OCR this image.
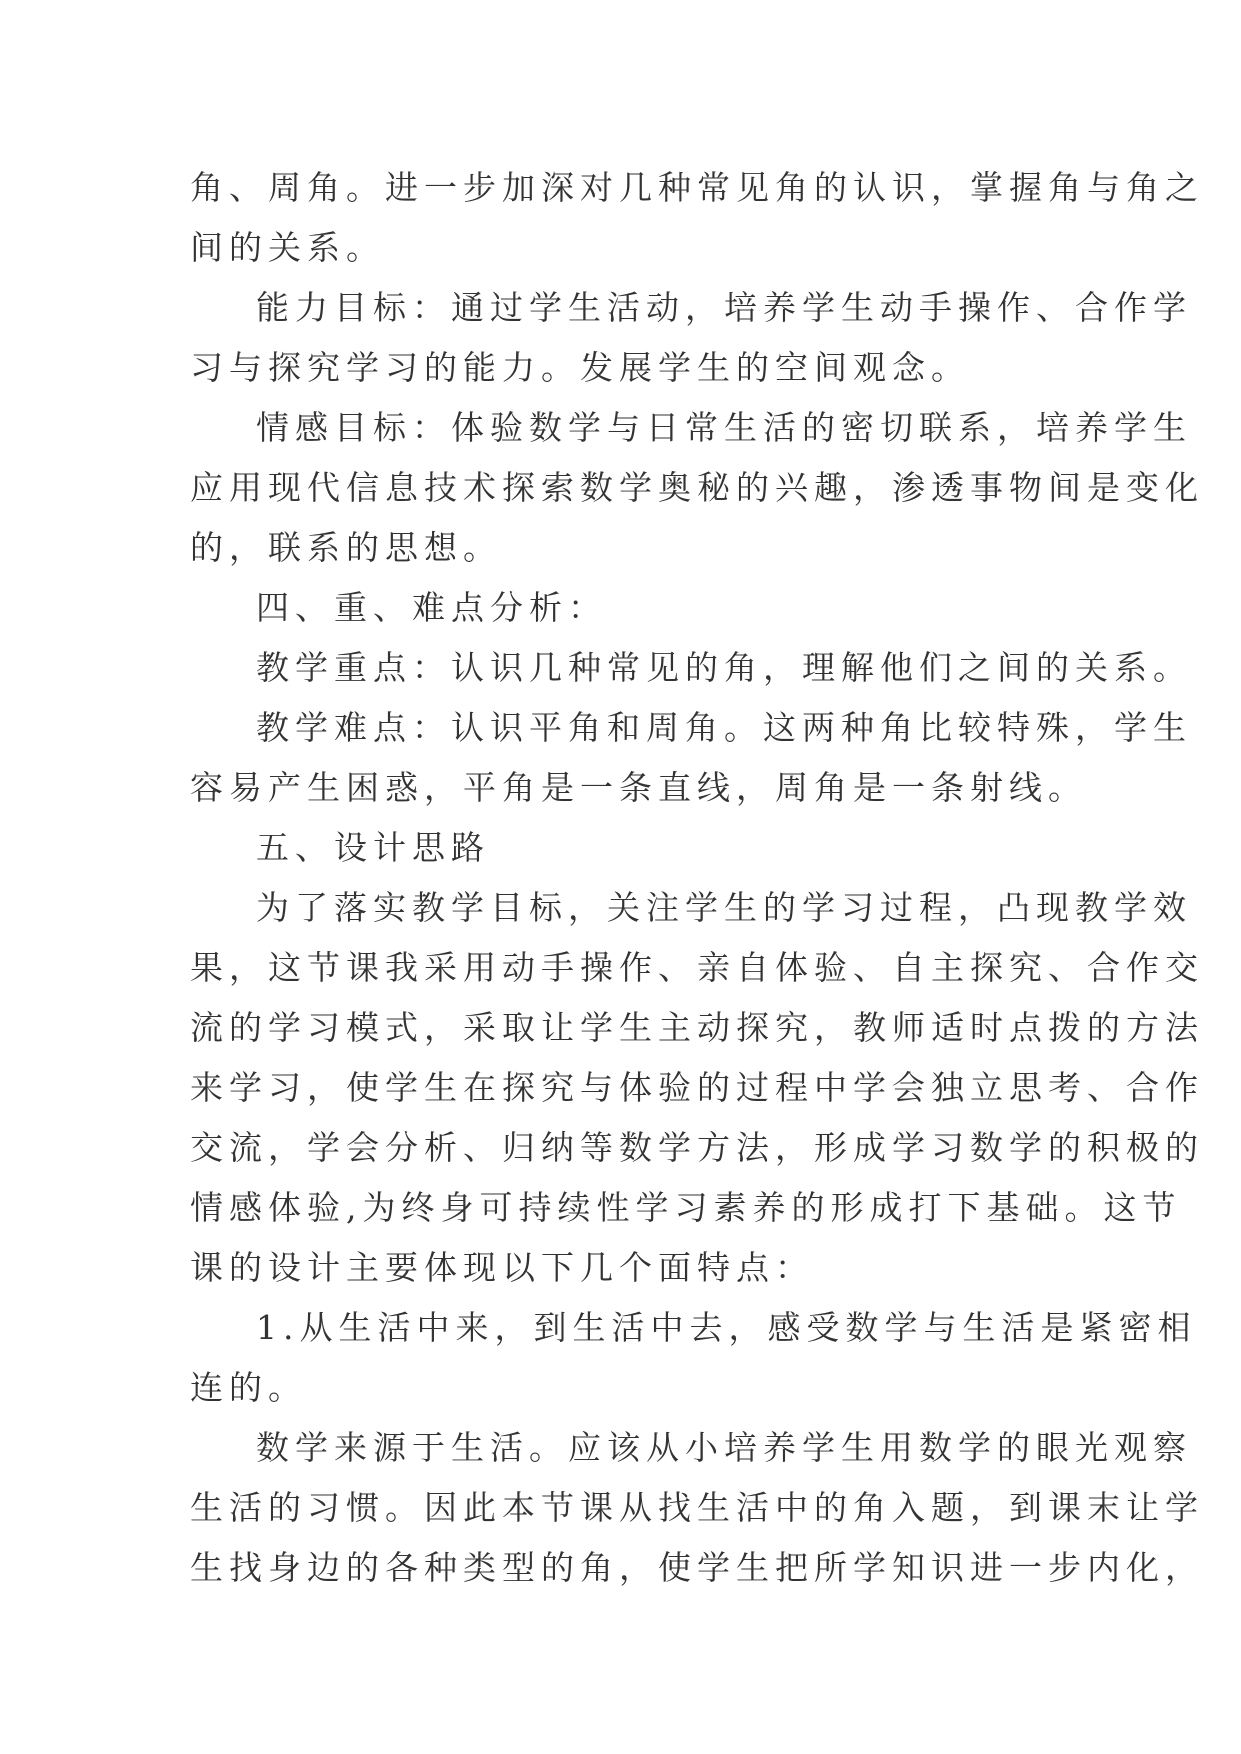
角、周角。进一步加深对几种常见角的认识，掌握角与角之
间的关系。
能力目标：通过学生活动，培养学生动手操作、合作学
习与探究学习的能力。发展学生的空间观念。
情感目标：体验数学与日常生活的密切联系，培养学生
应用现代信息技术探索数学奥秘的兴趣，渗透事物间是变化
的，联系的思想。
四、重、难点分析：
教学重点：认识几种常见的角，理解他们之间的关系。
教学难点：认识平角和周角。这两种角比较特殊，学生
容易产生困惑，平角是一条直线，周角是一条射线。
五、设计思路
为了落实教学目标，关注学生的学习过程，凸现教学效
果，这节课我采用动手操作、亲自体验、自主探究、合作交
流的学习模式，采取让学生主动探究，教师适时点拨的方法
来学习，使学生在探究与体验的过程中学会独立思考、合作
交流，学会分析、归纳等数学方法，形成学习数学的积极的
情感体验,为终身可持续性学习素养的形成打下基础。这节
课的设计主要体现以下几个面特点：
1.从生活中来，到生活中去，感受数学与生活是紧密相
连的。
数学来源于生活。应该从小培养学生用数学的眼光观察
生活的习惯。因此本节课从找生活中的角入题，到课末让学
生找身边的各种类型的角，使学生把所学知识进一步内化，
